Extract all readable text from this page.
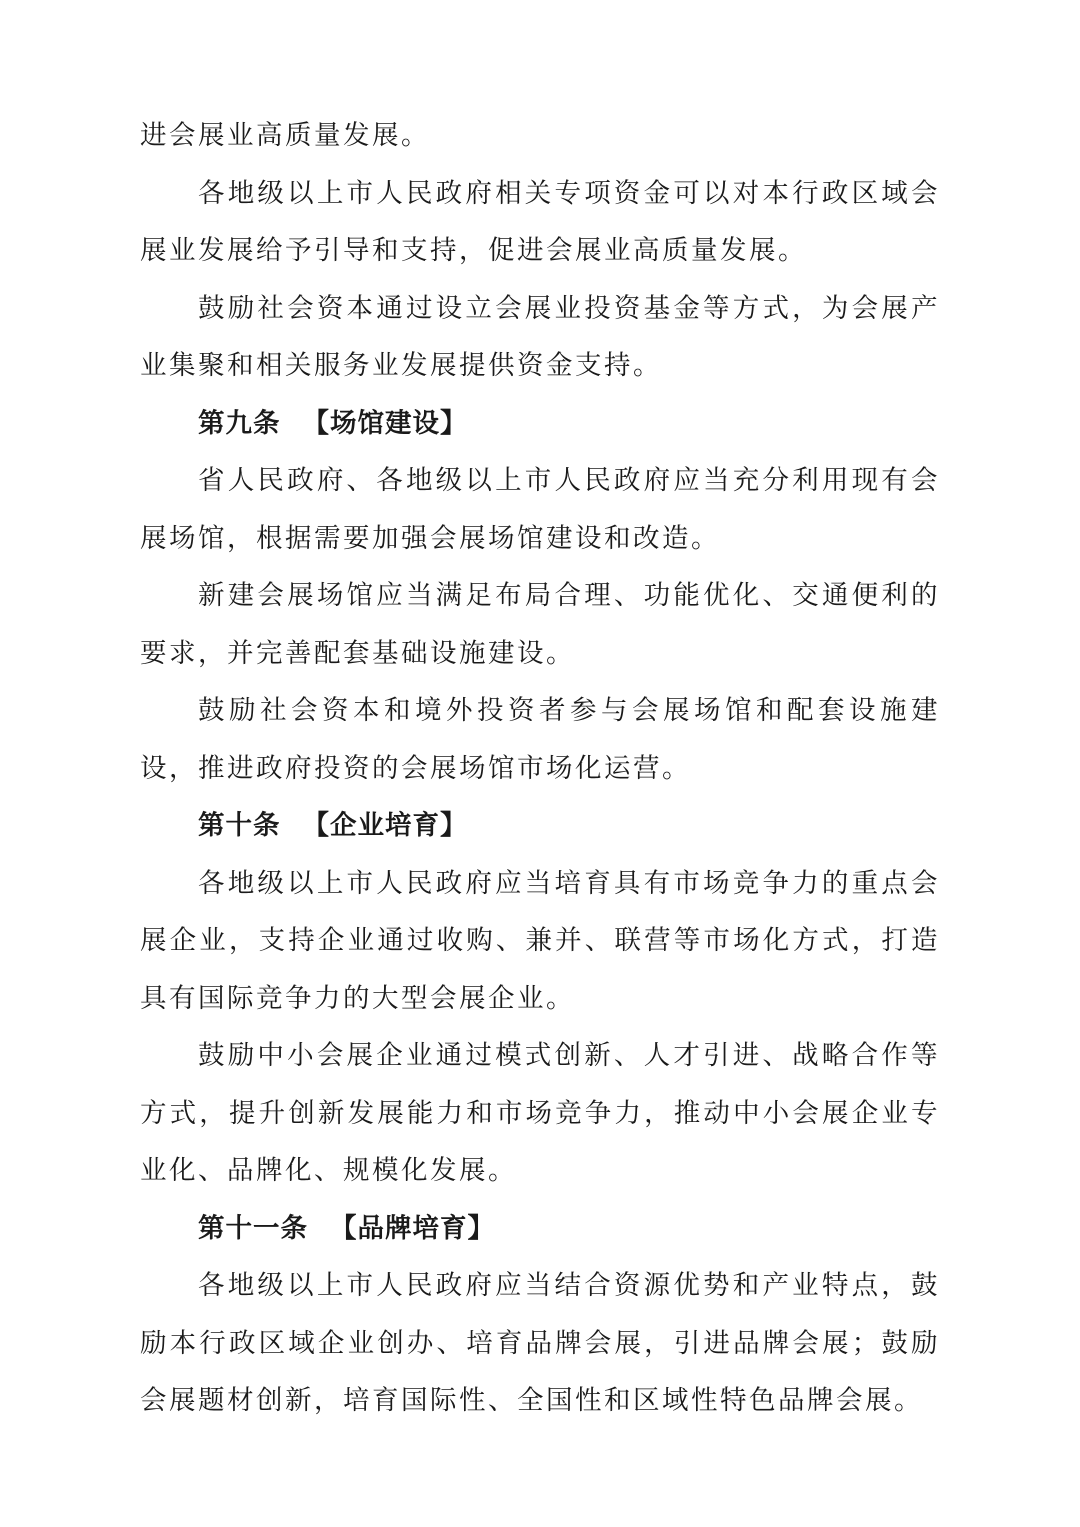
进会展业高质量发展。

各地级以上市人民政府相关专项资金可以对本行政区域会展业发展给予引导和支持，促进会展业高质量发展。

鼓励社会资本通过设立会展业投资基金等方式，为会展产业集聚和相关服务业发展提供资金支持。

第九条 【场馆建设】

省人民政府、各地级以上市人民政府应当充分利用现有会展场馆，根据需要加强会展场馆建设和改造。

新建会展场馆应当满足布局合理、功能优化、交通便利的要求，并完善配套基础设施建设。

鼓励社会资本和境外投资者参与会展场馆和配套设施建设，推进政府投资的会展场馆市场化运营。

第十条 【企业培育】

各地级以上市人民政府应当培育具有市场竞争力的重点会展企业，支持企业通过收购、兼并、联营等市场化方式，打造具有国际竞争力的大型会展企业。

鼓励中小会展企业通过模式创新、人才引进、战略合作等方式，提升创新发展能力和市场竞争力，推动中小会展企业专业化、品牌化、规模化发展。

第十一条 【品牌培育】

各地级以上市人民政府应当结合资源优势和产业特点，鼓励本行政区域企业创办、培育品牌会展，引进品牌会展；鼓励会展题材创新，培育国际性、全国性和区域性特色品牌会展。
